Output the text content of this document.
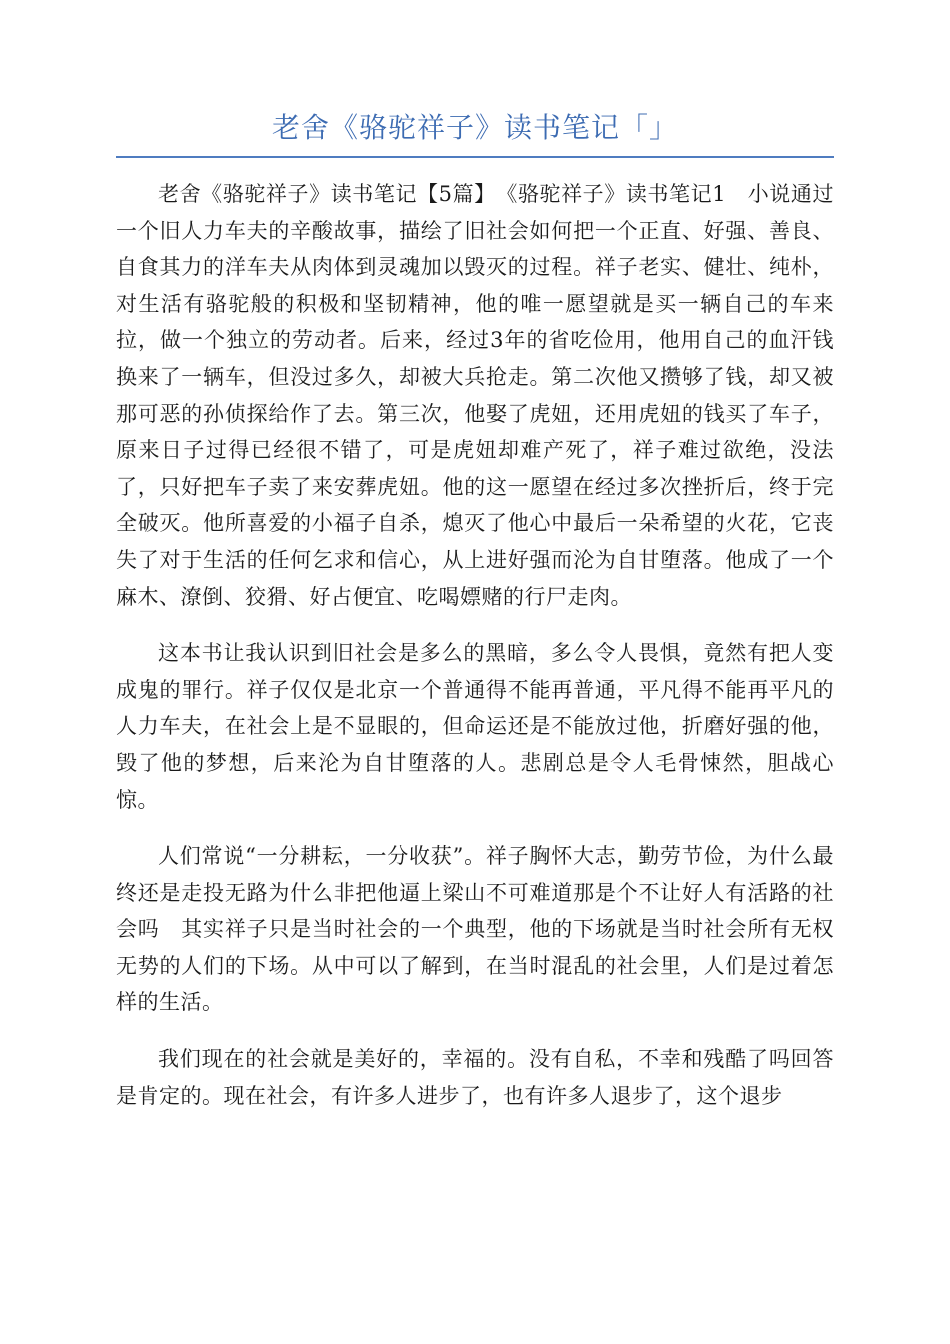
老舍《骆驼祥子》读书笔记「」

老舍《骆驼祥子》读书笔记【5篇】　《骆驼祥子》读书笔记1　小说通过一个旧人力车夫的辛酸故事，描绘了旧社会如何把一个正直、好强、善良、自食其力的洋车夫从肉体到灵魂加以毁灭的过程。祥子老实、健壮、纯朴，对生活有骆驼般的积极和坚韧精神，他的唯一愿望就是买一辆自己的车来拉，做一个独立的劳动者。后来，经过3年的省吃俭用，他用自己的血汗钱换来了一辆车，但没过多久，却被大兵抢走。第二次他又攒够了钱，却又被那可恶的孙侦探给作了去。第三次，他娶了虎妞，还用虎妞的钱买了车子，原来日子过得已经很不错了，可是虎妞却难产死了，祥子难过欲绝，没法了，只好把车子卖了来安葬虎妞。他的这一愿望在经过多次挫折后，终于完全破灭。他所喜爱的小福子自杀，熄灭了他心中最后一朵希望的火花，它丧失了对于生活的任何乞求和信心，从上进好强而沦为自甘堕落。他成了一个麻木、潦倒、狡猾、好占便宜、吃喝嫖赌的行尸走肉。

这本书让我认识到旧社会是多么的黑暗，多么令人畏惧，竟然有把人变成鬼的罪行。祥子仅仅是北京一个普通得不能再普通，平凡得不能再平凡的人力车夫，在社会上是不显眼的，但命运还是不能放过他，折磨好强的他，毁了他的梦想，后来沦为自甘堕落的人。悲剧总是令人毛骨悚然，胆战心惊。

人们常说“一分耕耘，一分收获”。祥子胸怀大志，勤劳节俭，为什么最终还是走投无路为什么非把他逼上梁山不可难道那是个不让好人有活路的社会吗　其实祥子只是当时社会的一个典型，他的下场就是当时社会所有无权无势的人们的下场。从中可以了解到，在当时混乱的社会里，人们是过着怎样的生活。

我们现在的社会就是美好的，幸福的。没有自私，不幸和残酷了吗回答是肯定的。现在社会，有许多人进步了，也有许多人退步了，这个退步
